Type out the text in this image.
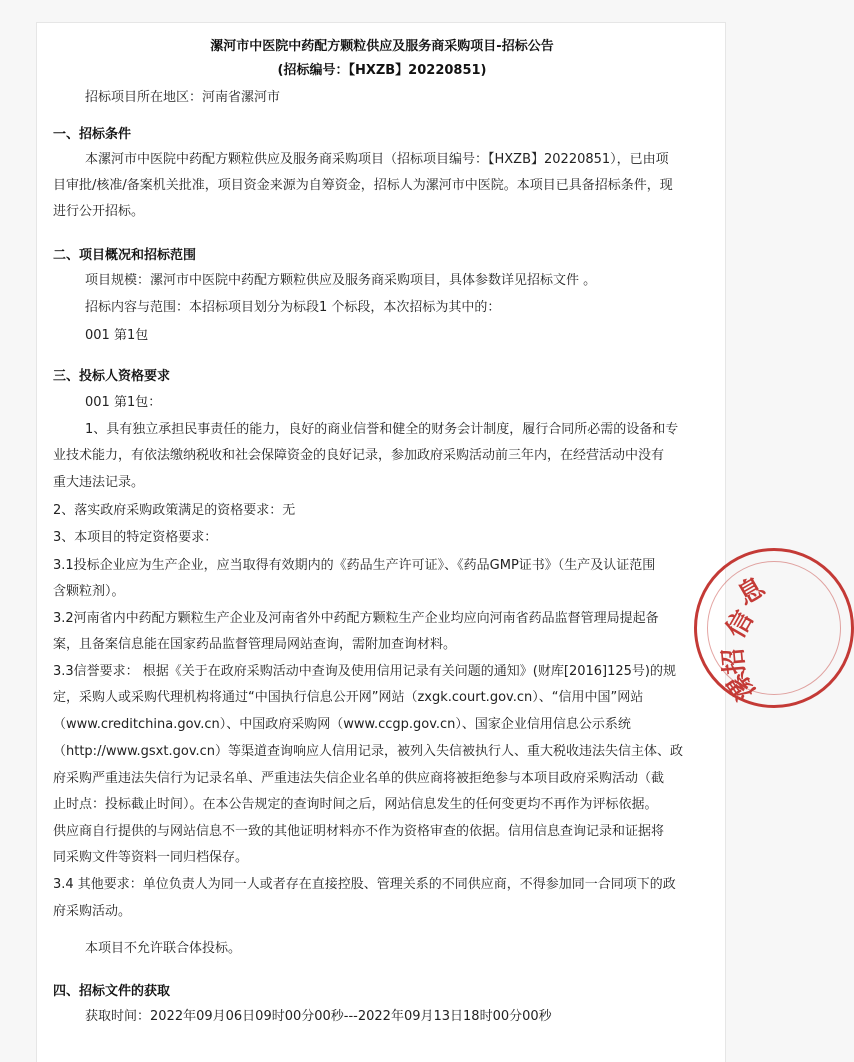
漯河市中医院中药配方颗粒供应及服务商采购项目-招标公告
(招标编号：【HXZB】20220851)
招标项目所在地区：河南省漯河市
一、招标条件
本漯河市中医院中药配方颗粒供应及服务商采购项目（招标项目编号：【HXZB】20220851），已由项
目审批/核准/备案机关批准，项目资金来源为自筹资金，招标人为漯河市中医院。本项目已具备招标条件，现
进行公开招标。
二、项目概况和招标范围
项目规模：漯河市中医院中药配方颗粒供应及服务商采购项目，具体参数详见招标文件 。
招标内容与范围：本招标项目划分为标段1 个标段，本次招标为其中的：
001 第1包
三、投标人资格要求
001 第1包：
1、具有独立承担民事责任的能力，良好的商业信誉和健全的财务会计制度，履行合同所必需的设备和专
业技术能力，有依法缴纳税收和社会保障资金的良好记录，参加政府采购活动前三年内，在经营活动中没有
重大违法记录。
2、落实政府采购政策满足的资格要求：无
3、本项目的特定资格要求：
3.1投标企业应为生产企业，应当取得有效期内的《药品生产许可证》、《药品GMP证书》（生产及认证范围
含颗粒剂）。
3.2河南省内中药配方颗粒生产企业及河南省外中药配方颗粒生产企业均应向河南省药品监督管理局提起备
案，且备案信息能在国家药品监督管理局网站查询，需附加查询材料。
3.3信誉要求： 根据《关于在政府采购活动中查询及使用信用记录有关问题的通知》(财库[2016]125号)的规
定，采购人或采购代理机构将通过“中国执行信息公开网”网站（zxgk.court.gov.cn）、“信用中国”网站
（www.creditchina.gov.cn）、中国政府采购网（www.ccgp.gov.cn）、国家企业信用信息公示系统
（http://www.gsxt.gov.cn）等渠道查询响应人信用记录，被列入失信被执行人、重大税收违法失信主体、政
府采购严重违法失信行为记录名单、严重违法失信企业名单的供应商将被拒绝参与本项目政府采购活动（截
止时点：投标截止时间）。在本公告规定的查询时间之后，网站信息发生的任何变更均不再作为评标依据。
供应商自行提供的与网站信息不一致的其他证明材料亦不作为资格审查的依据。信用信息查询记录和证据将
同采购文件等资料一同归档保存。
3.4 其他要求：单位负责人为同一人或者存在直接控股、管理关系的不同供应商，不得参加同一合同项下的政
府采购活动。
本项目不允许联合体投标。
四、招标文件的获取
获取时间：2022年09月06日09时00分00秒---2022年09月13日18时00分00秒
信
息
招
漯
